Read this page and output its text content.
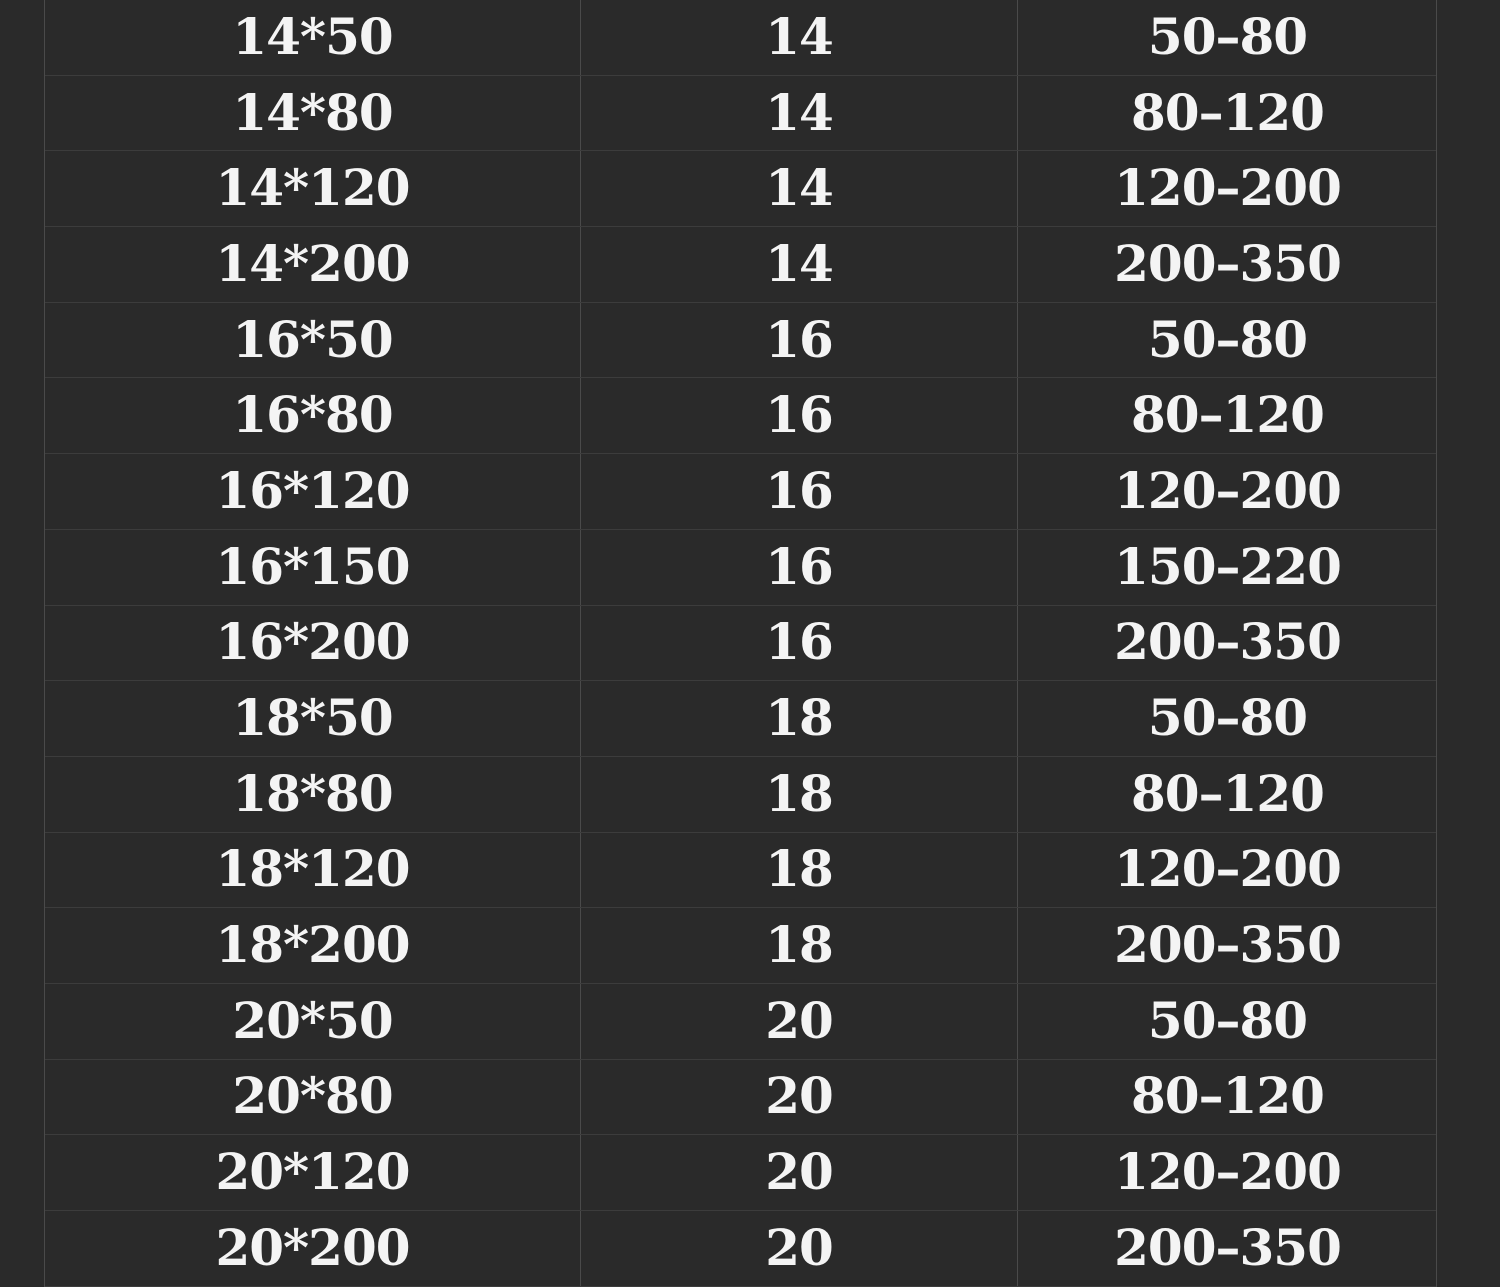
14*50	14	50–80
14*80	14	80–120
14*120	14	120–200
14*200	14	200–350
16*50	16	50–80
16*80	16	80–120
16*120	16	120–200
16*150	16	150–220
16*200	16	200–350
18*50	18	50–80
18*80	18	80–120
18*120	18	120–200
18*200	18	200–350
20*50	20	50–80
20*80	20	80–120
20*120	20	120–200
20*200	20	200–350
